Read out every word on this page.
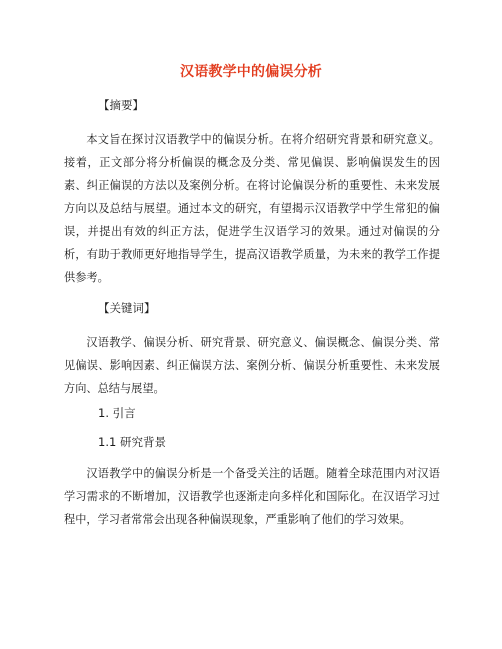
汉语教学中的偏误分析
【摘要】

本文旨在探讨汉语教学中的偏误分析。在将介绍研究背景和研究意义。接着，正文部分将分析偏误的概念及分类、常见偏误、影响偏误发生的因素、纠正偏误的方法以及案例分析。在将讨论偏误分析的重要性、未来发展方向以及总结与展望。通过本文的研究，有望揭示汉语教学中学生常犯的偏误，并提出有效的纠正方法，促进学生汉语学习的效果。通过对偏误的分析，有助于教师更好地指导学生，提高汉语教学质量，为未来的教学工作提供参考。

【关键词】

汉语教学、偏误分析、研究背景、研究意义、偏误概念、偏误分类、常见偏误、影响因素、纠正偏误方法、案例分析、偏误分析重要性、未来发展方向、总结与展望。

1. 引言
1.1 研究背景

汉语教学中的偏误分析是一个备受关注的话题。随着全球范围内对汉语学习需求的不断增加，汉语教学也逐渐走向多样化和国际化。在汉语学习过程中，学习者常常会出现各种偏误现象，严重影响了他们的学习效果。
